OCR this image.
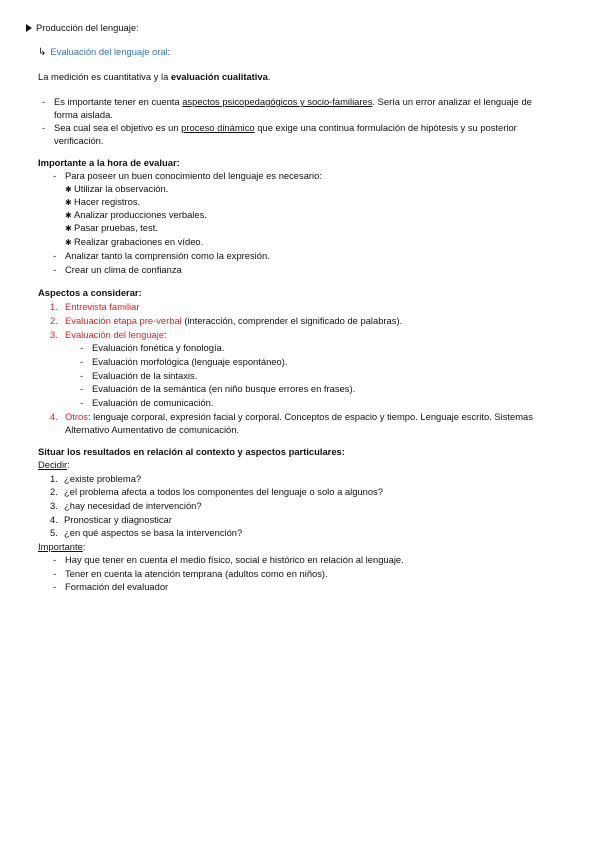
Producción del lenguaje:
↳ Evaluación del lenguaje oral:
La medición es cuantitativa y la evaluación cualitativa.
- Es importante tener en cuenta aspectos psicopedagógicos y socio-familiares. Sería un error analizar el lenguaje de
forma aislada.
- Sea cual sea el objetivo es un proceso dinámico que exige una continua formulación de hipótesis y su posterior
verificación.
Importante a la hora de evaluar:
- Para poseer un buen conocimiento del lenguaje es necesario:
✱ Utilizar la observación.
✱ Hacer registros.
✱ Analizar producciones verbales.
✱ Pasar pruebas, test.
✱ Realizar grabaciones en vídeo.
- Analizar tanto la comprensión como la expresión.
- Crear un clima de confianza
Aspectos a considerar:
1. Entrevista familiar
2. Evaluación etapa pre-verbal (interacción, comprender el significado de palabras).
3. Evaluación del lenguaje:
- Evaluación fonética y fonología.
- Evaluación morfológica (lenguaje espontáneo).
- Evaluación de la sintaxis.
- Evaluación de la semántica (en niño busque errores en frases).
- Evaluación de comunicación.
4. Otros: lenguaje corporal, expresión facial y corporal. Conceptos de espacio y tiempo. Lenguaje escrito. Sistemas
Alternativo Aumentativo de comunicación.
Situar los resultados en relación al contexto y aspectos particulares:
Decidir:
1. ¿existe problema?
2. ¿el problema afecta a todos los componentes del lenguaje o solo a algunos?
3. ¿hay necesidad de intervención?
4. Pronosticar y diagnosticar
5. ¿en qué aspectos se basa la intervención?
Importante:
- Hay que tener en cuenta el medio físico, social e histórico en relación al lenguaje.
- Tener en cuenta la atención temprana (adultos como en niños).
- Formación del evaluador
